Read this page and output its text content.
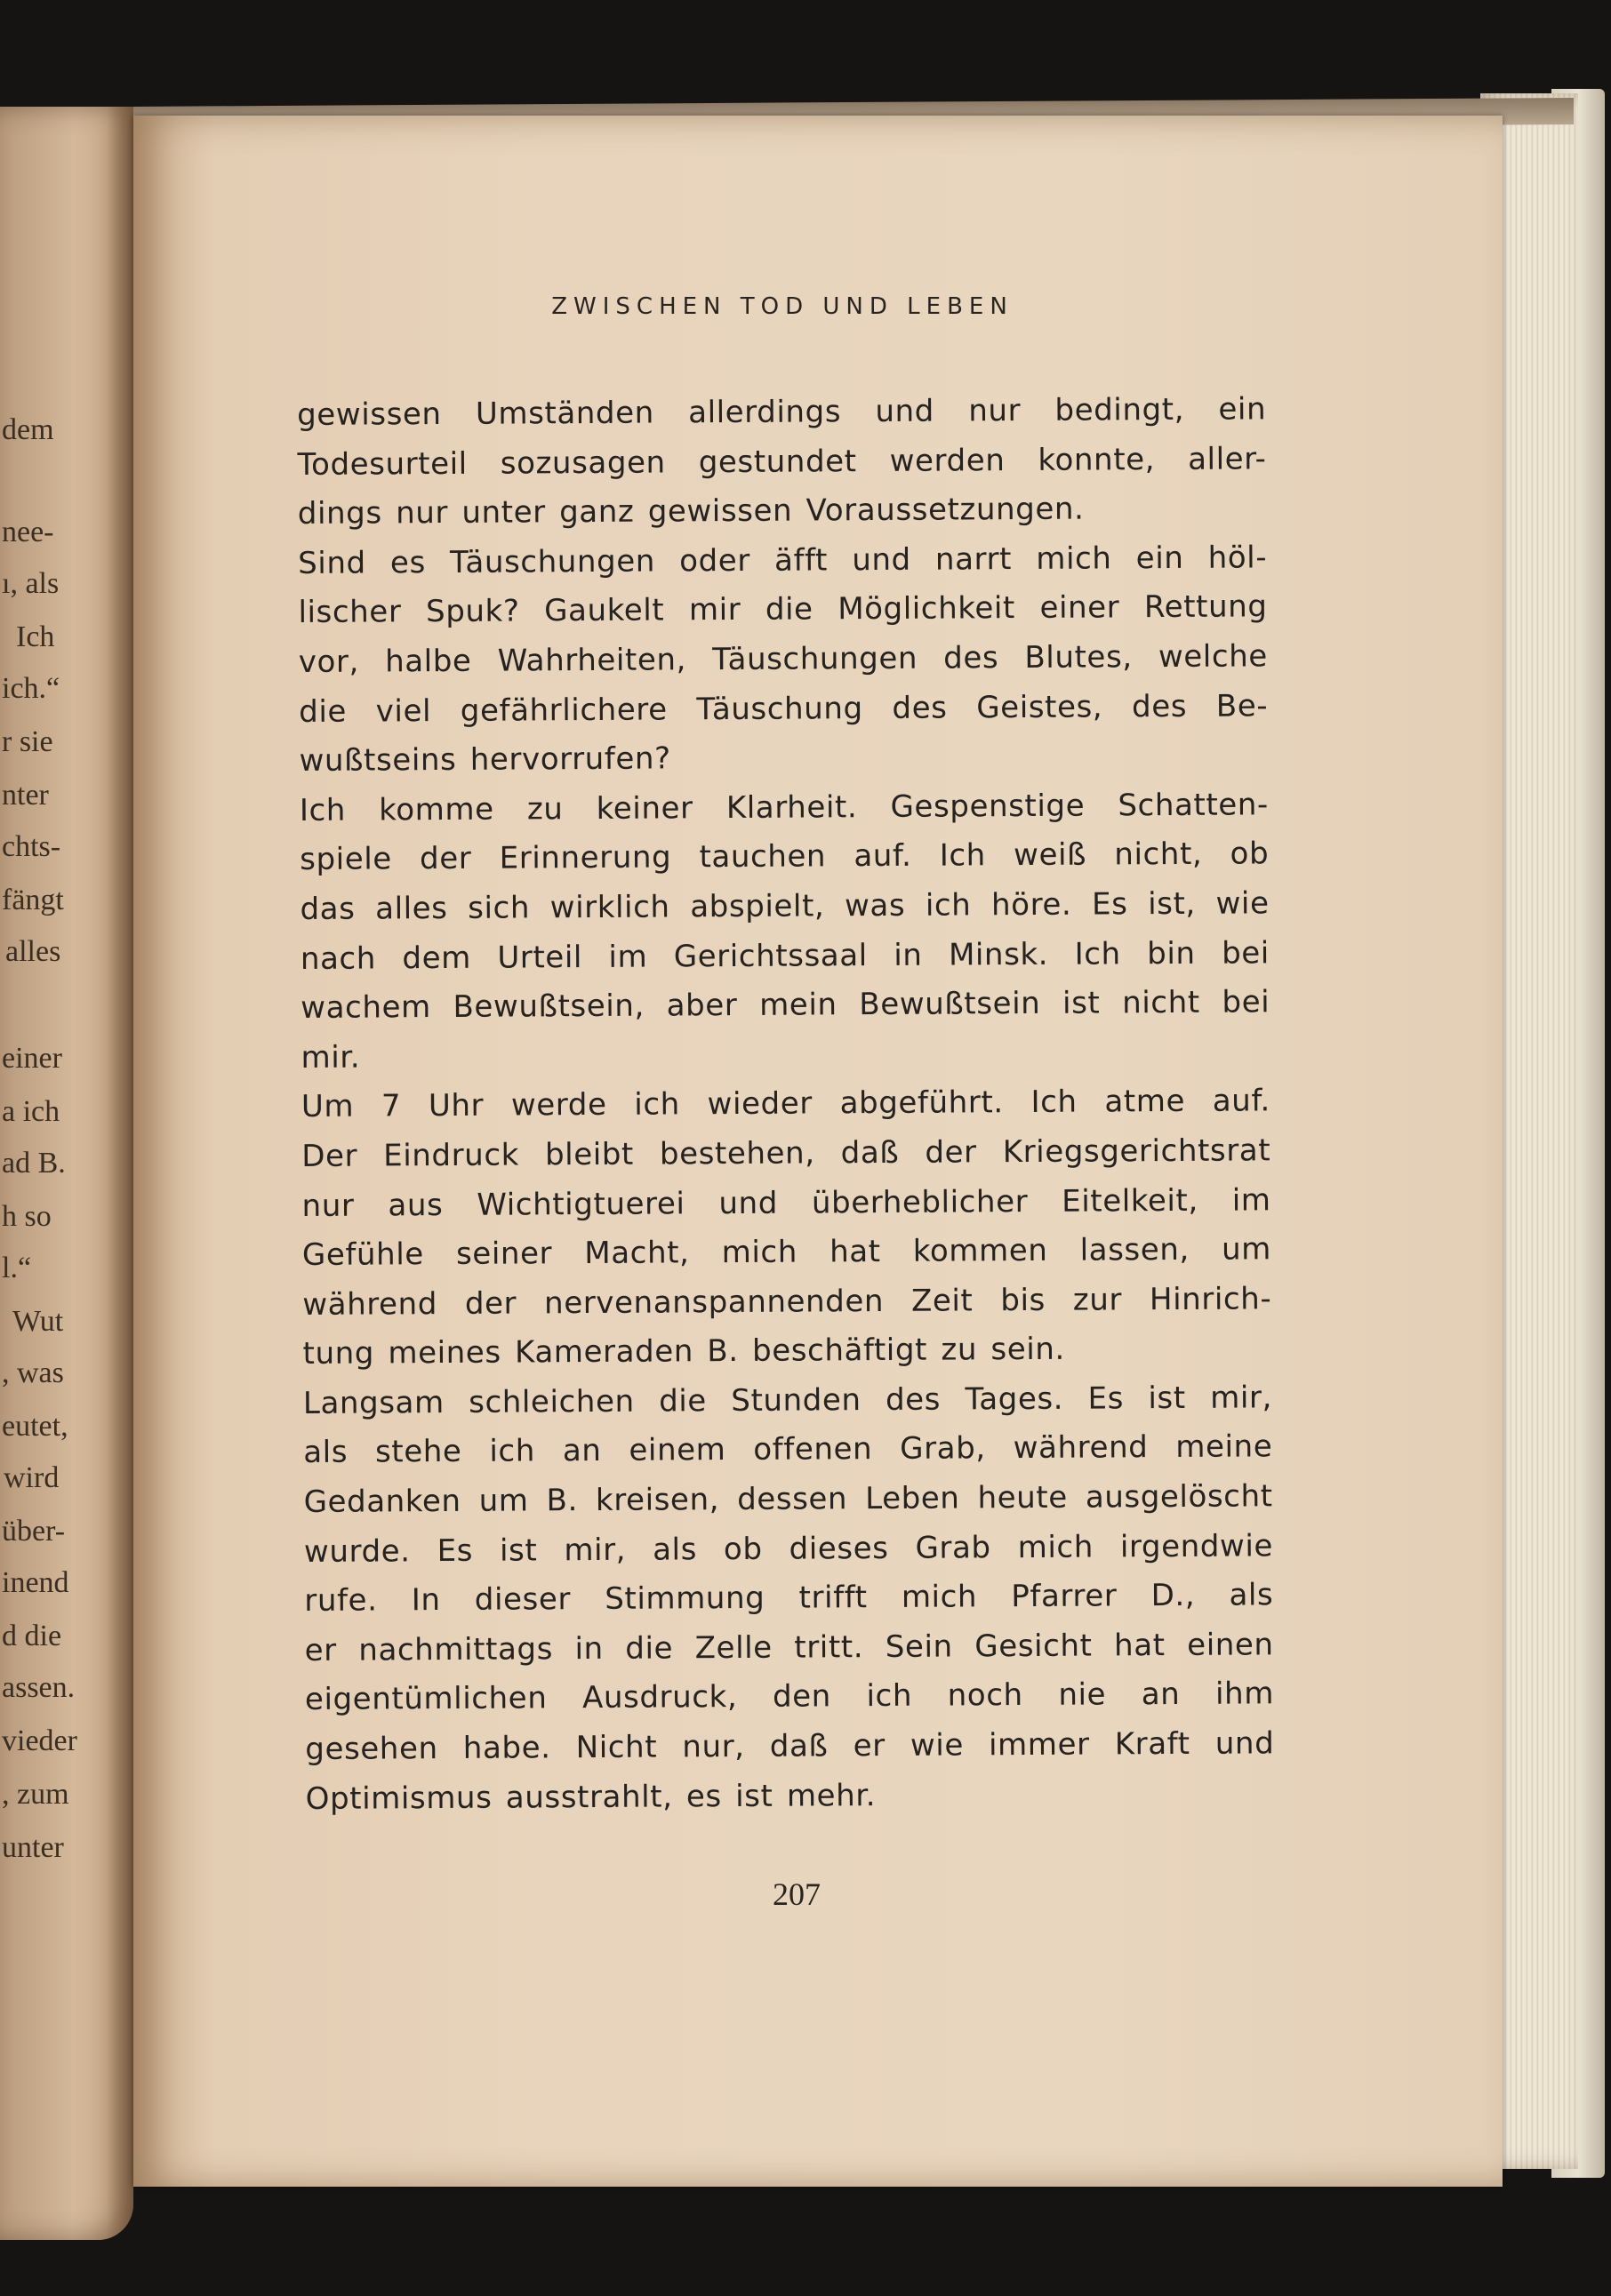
dem
nee-
ı, als
Ich
ich.“
r sie
nter
chts-
fängt
alles
einer
a ich
ad B.
h so
l.“
Wut
, was
eutet,
wird
über-
inend
d die
assen.
vieder
, zum
unter
ZWISCHEN TOD UND LEBEN
gewissen Umständen allerdings und nur bedingt, ein
Todesurteil sozusagen gestundet werden konnte, aller-
dings nur unter ganz gewissen Voraussetzungen.
Sind es Täuschungen oder äfft und narrt mich ein höl-
lischer Spuk? Gaukelt mir die Möglichkeit einer Rettung
vor, halbe Wahrheiten, Täuschungen des Blutes, welche
die viel gefährlichere Täuschung des Geistes, des Be-
wußtseins hervorrufen?
Ich komme zu keiner Klarheit. Gespenstige Schatten-
spiele der Erinnerung tauchen auf. Ich weiß nicht, ob
das alles sich wirklich abspielt, was ich höre. Es ist, wie
nach dem Urteil im Gerichtssaal in Minsk. Ich bin bei
wachem Bewußtsein, aber mein Bewußtsein ist nicht bei
mir.
Um 7 Uhr werde ich wieder abgeführt. Ich atme auf.
Der Eindruck bleibt bestehen, daß der Kriegsgerichtsrat
nur aus Wichtigtuerei und überheblicher Eitelkeit, im
Gefühle seiner Macht, mich hat kommen lassen, um
während der nervenanspannenden Zeit bis zur Hinrich-
tung meines Kameraden B. beschäftigt zu sein.
Langsam schleichen die Stunden des Tages. Es ist mir,
als stehe ich an einem offenen Grab, während meine
Gedanken um B. kreisen, dessen Leben heute ausgelöscht
wurde. Es ist mir, als ob dieses Grab mich irgendwie
rufe. In dieser Stimmung trifft mich Pfarrer D., als
er nachmittags in die Zelle tritt. Sein Gesicht hat einen
eigentümlichen Ausdruck, den ich noch nie an ihm
gesehen habe. Nicht nur, daß er wie immer Kraft und
Optimismus ausstrahlt, es ist mehr.
207
